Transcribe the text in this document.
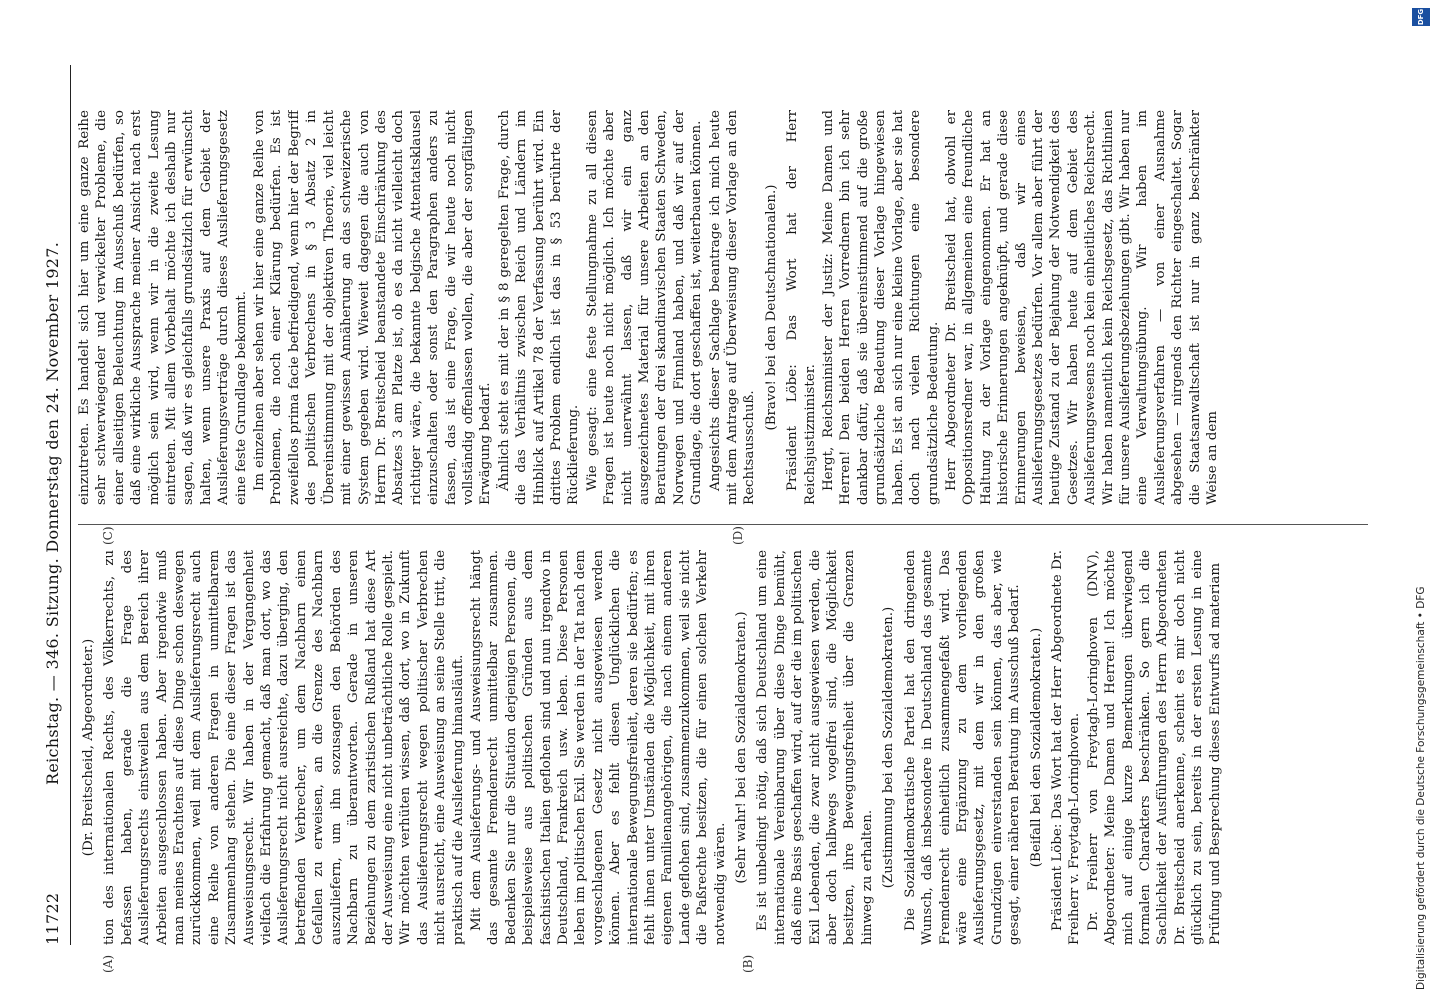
11722
Reichstag. — 346. Sitzung. Donnerstag den 24. November 1927.
(A)	(B)
(C)	(D)

(Dr. Breitscheid, Abgeordneter.) tion des internationalen Rechts, des Völkerrechts, zu befassen haben, gerade die Frage des Auslieferungsrechts einstweilen aus dem Bereich ihrer Arbeiten ausgeschlossen haben. Aber irgendwie muß man meines Erachtens auf diese Dinge schon deswegen zurückkommen, weil mit dem Auslieferungsrecht auch eine Reihe von anderen Fragen in unmittelbarem Zusammenhang stehen. Die eine dieser Fragen ist das Ausweisungsrecht. Wir haben in der Vergangenheit vielfach die Erfahrung gemacht, daß man dort, wo das Auslieferungsrecht nicht ausreichte, dazu überging, den betreffenden Verbrecher, um dem Nachbarn einen Gefallen zu erweisen, an die Grenze des Nachbarn auszuliefern, um ihn sozusagen den Behörden des Nachbarn zu überantworten. Gerade in unseren Beziehungen zu dem zaristischen Rußland hat diese Art der Ausweisung eine nicht unbeträchtliche Rolle gespielt. Wir möchten verhüten wissen, daß dort, wo in Zukunft das Auslieferungsrecht wegen politischer Verbrechen nicht ausreicht, eine Ausweisung an seine Stelle tritt, die praktisch auf die Auslieferung hinausläuft. Mit dem Auslieferungs- und Ausweisungsrecht hängt das gesamte Fremdenrecht unmittelbar zusammen. Bedenken Sie nur die Situation derjenigen Personen, die beispielsweise aus politischen Gründen aus dem faschistischen Italien geflohen sind und nun irgendwo in Deutschland, Frankreich usw. leben. Diese Personen leben im politischen Exil. Sie werden in der Tat nach dem vorgeschlagenen Gesetz nicht ausgewiesen werden können. Aber es fehlt diesen Unglücklichen die internationale Bewegungsfreiheit, deren sie bedürfen; es fehlt ihnen unter Umständen die Möglichkeit, mit ihren eigenen Familienangehörigen, die nach einem anderen Lande geflohen sind, zusammenzukommen, weil sie nicht die Paßrechte besitzen, die für einen solchen Verkehr notwendig wären.

(Sehr wahr! bei den Sozialdemokraten.) Es ist unbedingt nötig, daß sich Deutschland um eine internationale Vereinbarung über diese Dinge bemüht, daß eine Basis geschaffen wird, auf der die im politischen Exil Lebenden, die zwar nicht ausgewiesen werden, die aber doch halbwegs vogelfrei sind, die Möglichkeit besitzen, ihre Bewegungsfreiheit über die Grenzen hinweg zu erhalten. (Zustimmung bei den Sozialdemokraten.) Die Sozialdemokratische Partei hat den dringenden Wunsch, daß insbesondere in Deutschland das gesamte Fremdenrecht einheitlich zusammengefaßt wird. Das wäre eine Ergänzung zu dem vorliegenden Auslieferungsgesetz, mit dem wir in den großen Grundzügen einverstanden sein können, das aber, wie gesagt, einer näheren Beratung im Ausschuß bedarf. (Beifall bei den Sozialdemokraten.) Präsident Löbe: Das Wort hat der Herr Abgeordnete Dr. Freiherr v. Freytagh-Loringhoven. Dr. Freiherr von Freytagh-Loringhoven (DNV), Abgeordneter: Meine Damen und Herren! Ich möchte mich auf einige kurze Bemerkungen überwiegend formalen Charakters beschränken. So gern ich die Sachlichkeit der Ausführungen des Herrn Abgeordneten Dr. Breitscheid anerkenne, scheint es mir doch nicht glücklich zu sein, bereits in der ersten Lesung in eine Prüfung und Besprechung dieses Entwurfs ad materiam

einzutreten. Es handelt sich hier um eine ganze Reihe sehr schwerwiegender und verwickelter Probleme, die einer allseitigen Beleuchtung im Ausschuß bedürfen, so daß eine wirkliche Aussprache meiner Ansicht nach erst möglich sein wird, wenn wir in die zweite Lesung eintreten. Mit allem Vorbehalt möchte ich deshalb nur sagen, daß wir es gleichfalls grundsätzlich für erwünscht halten, wenn unsere Praxis auf dem Gebiet der Auslieferungsverträge durch dieses Auslieferungsgesetz eine feste Grundlage bekommt. Im einzelnen aber sehen wir hier eine ganze Reihe von Problemen, die noch einer Klärung bedürfen. Es ist zweifellos prima facie befriedigend, wenn hier der Begriff des politischen Verbrechens in § 3 Absatz 2 in Übereinstimmung mit der objektiven Theorie, viel leicht mit einer gewissen Annäherung an das schweizerische System gegeben wird. Wieweit dagegen die auch von Herrn Dr. Breitscheid beanstandete Einschränkung des Absatzes 3 am Platze ist, ob es da nicht vielleicht doch richtiger wäre, die bekannte belgische Attentatsklausel einzuschalten oder sonst den Paragraphen anders zu fassen, das ist eine Frage, die wir heute noch nicht vollständig offenlassen wollen, die aber der sorgfältigen Erwägung bedarf. Ähnlich steht es mit der in § 8 geregelten Frage, durch die das Verhältnis zwischen Reich und Ländern im Hinblick auf Artikel 78 der Verfassung berührt wird. Ein drittes Problem endlich ist das in § 53 berührte der Rücklieferung. Wie gesagt: eine feste Stellungnahme zu all diesen Fragen ist heute noch nicht möglich. Ich möchte aber nicht unerwähnt lassen, daß wir ein ganz ausgezeichnetes Material für unsere Arbeiten an den Beratungen der drei skandinavischen Staaten Schweden, Norwegen und Finnland haben, und daß wir auf der Grundlage, die dort geschaffen ist, weiterbauen können. Angesichts dieser Sachlage beantrage ich mich heute mit dem Antrage auf Überweisung dieser Vorlage an den Rechtsausschuß.

(Bravo! bei den Deutschnationalen.) Präsident Löbe: Das Wort hat der Herr Reichsjustizminister. Hergt, Reichsminister der Justiz: Meine Damen und Herren! Den beiden Herren Vorrednern bin ich sehr dankbar dafür, daß sie übereinstimmend auf die große grundsätzliche Bedeutung dieser Vorlage hingewiesen haben. Es ist an sich nur eine kleine Vorlage, aber sie hat doch nach vielen Richtungen eine besondere grundsätzliche Bedeutung. Herr Abgeordneter Dr. Breitscheid hat, obwohl er Oppositionsredner war, in allgemeinen eine freundliche Haltung zu der Vorlage eingenommen. Er hat an historische Erinnerungen angeknüpft, und gerade diese Erinnerungen beweisen, daß wir eines Auslieferungsgesetzes bedürfen. Vor allem aber führt der heutige Zustand zu der Bejahung der Notwendigkeit des Gesetzes. Wir haben heute auf dem Gebiet des Auslieferungswesens noch kein einheitliches Reichsrecht. Wir haben namentlich kein Reichsgesetz, das Richtlinien für unsere Auslieferungsbeziehungen gibt. Wir haben nur eine Verwaltungsübung. Wir haben im Auslieferungsverfahren — von einer Ausnahme abgesehen — nirgends den Richter eingeschaltet. Sogar die Staatsanwaltschaft ist nur in ganz beschränkter Weise an dem

DFG
Digitalisierung gefördert durch die Deutsche Forschungsgemeinschaft • DFG
